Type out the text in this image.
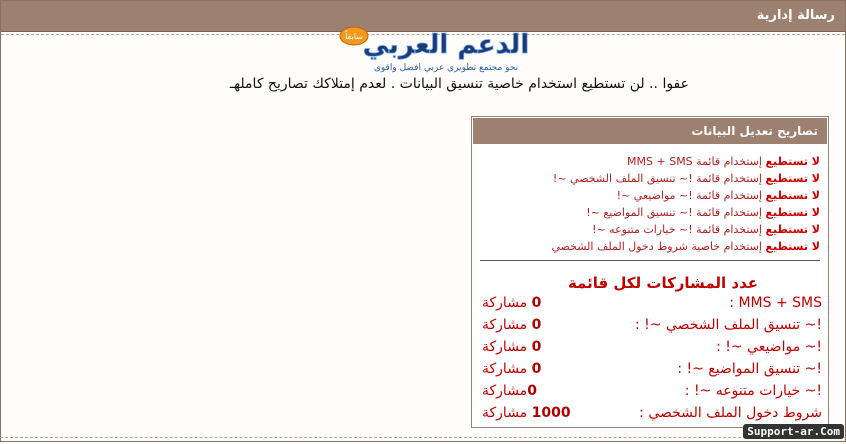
رسالة إدارية
سابقاً الدعم العربي
نحو مجتمع تطويري عربي افضل واقوى
عفوا .. لن تستطيع استخدام خاصية تنسيق البيانات . لعدم إمتلاكك تصاريح كاملهـ
تصاريح تعديل البيانات
لا تستطيع إستخدام قائمة MMS + SMS
لا تستطيع إستخدام قائمة !~ تنسيق الملف الشخصي ~!
لا تستطيع إستخدام قائمة !~ مواضيعي ~!
لا تستطيع إستخدام قائمة !~ تنسيق المواضيع ~!
لا تستطيع إستخدام قائمة !~ خيارات متنوعه ~!
لا تستطيع إستخدام خاصية شروط دخول الملف الشخصي
عدد المشاركات لكل قائمة
MMS + SMS :
0 مشاركة
!~ تنسيق الملف الشخصي ~! :
0 مشاركة
!~ مواضيعي ~! :
0 مشاركة
!~ تنسيق المواضيع ~! :
0 مشاركة
!~ خيارات متنوعه ~! :
0مشاركة
شروط دخول الملف الشخصي :
1000 مشاركة
Support-ar.Com
